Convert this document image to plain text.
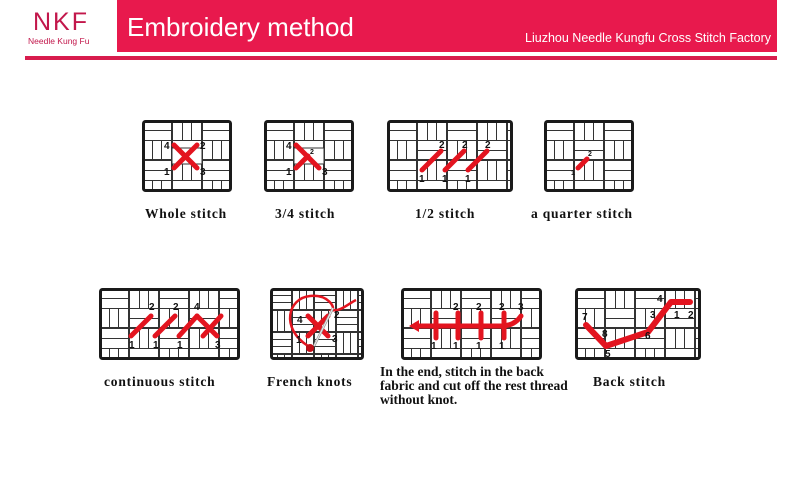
NKF
Needle Kung Fu Embroidery method	Liuzhou Needle Kungfu Cross Stitch Factory
4	2
1	3
Whole stitch
4
2
1	3
3/4 stitch
2 2 2
1 1 1
1/2 stitch
2
1
a quarter stitch
2 2 4
1 1 1	3
continuous stitch
4	2
1	3
French knots
2 2 2 3
1 1 1 1
In the end, stitch in the back fabric and cut off the rest thread without knot.
4
1 2
7	3
6
8
5
Back stitch
